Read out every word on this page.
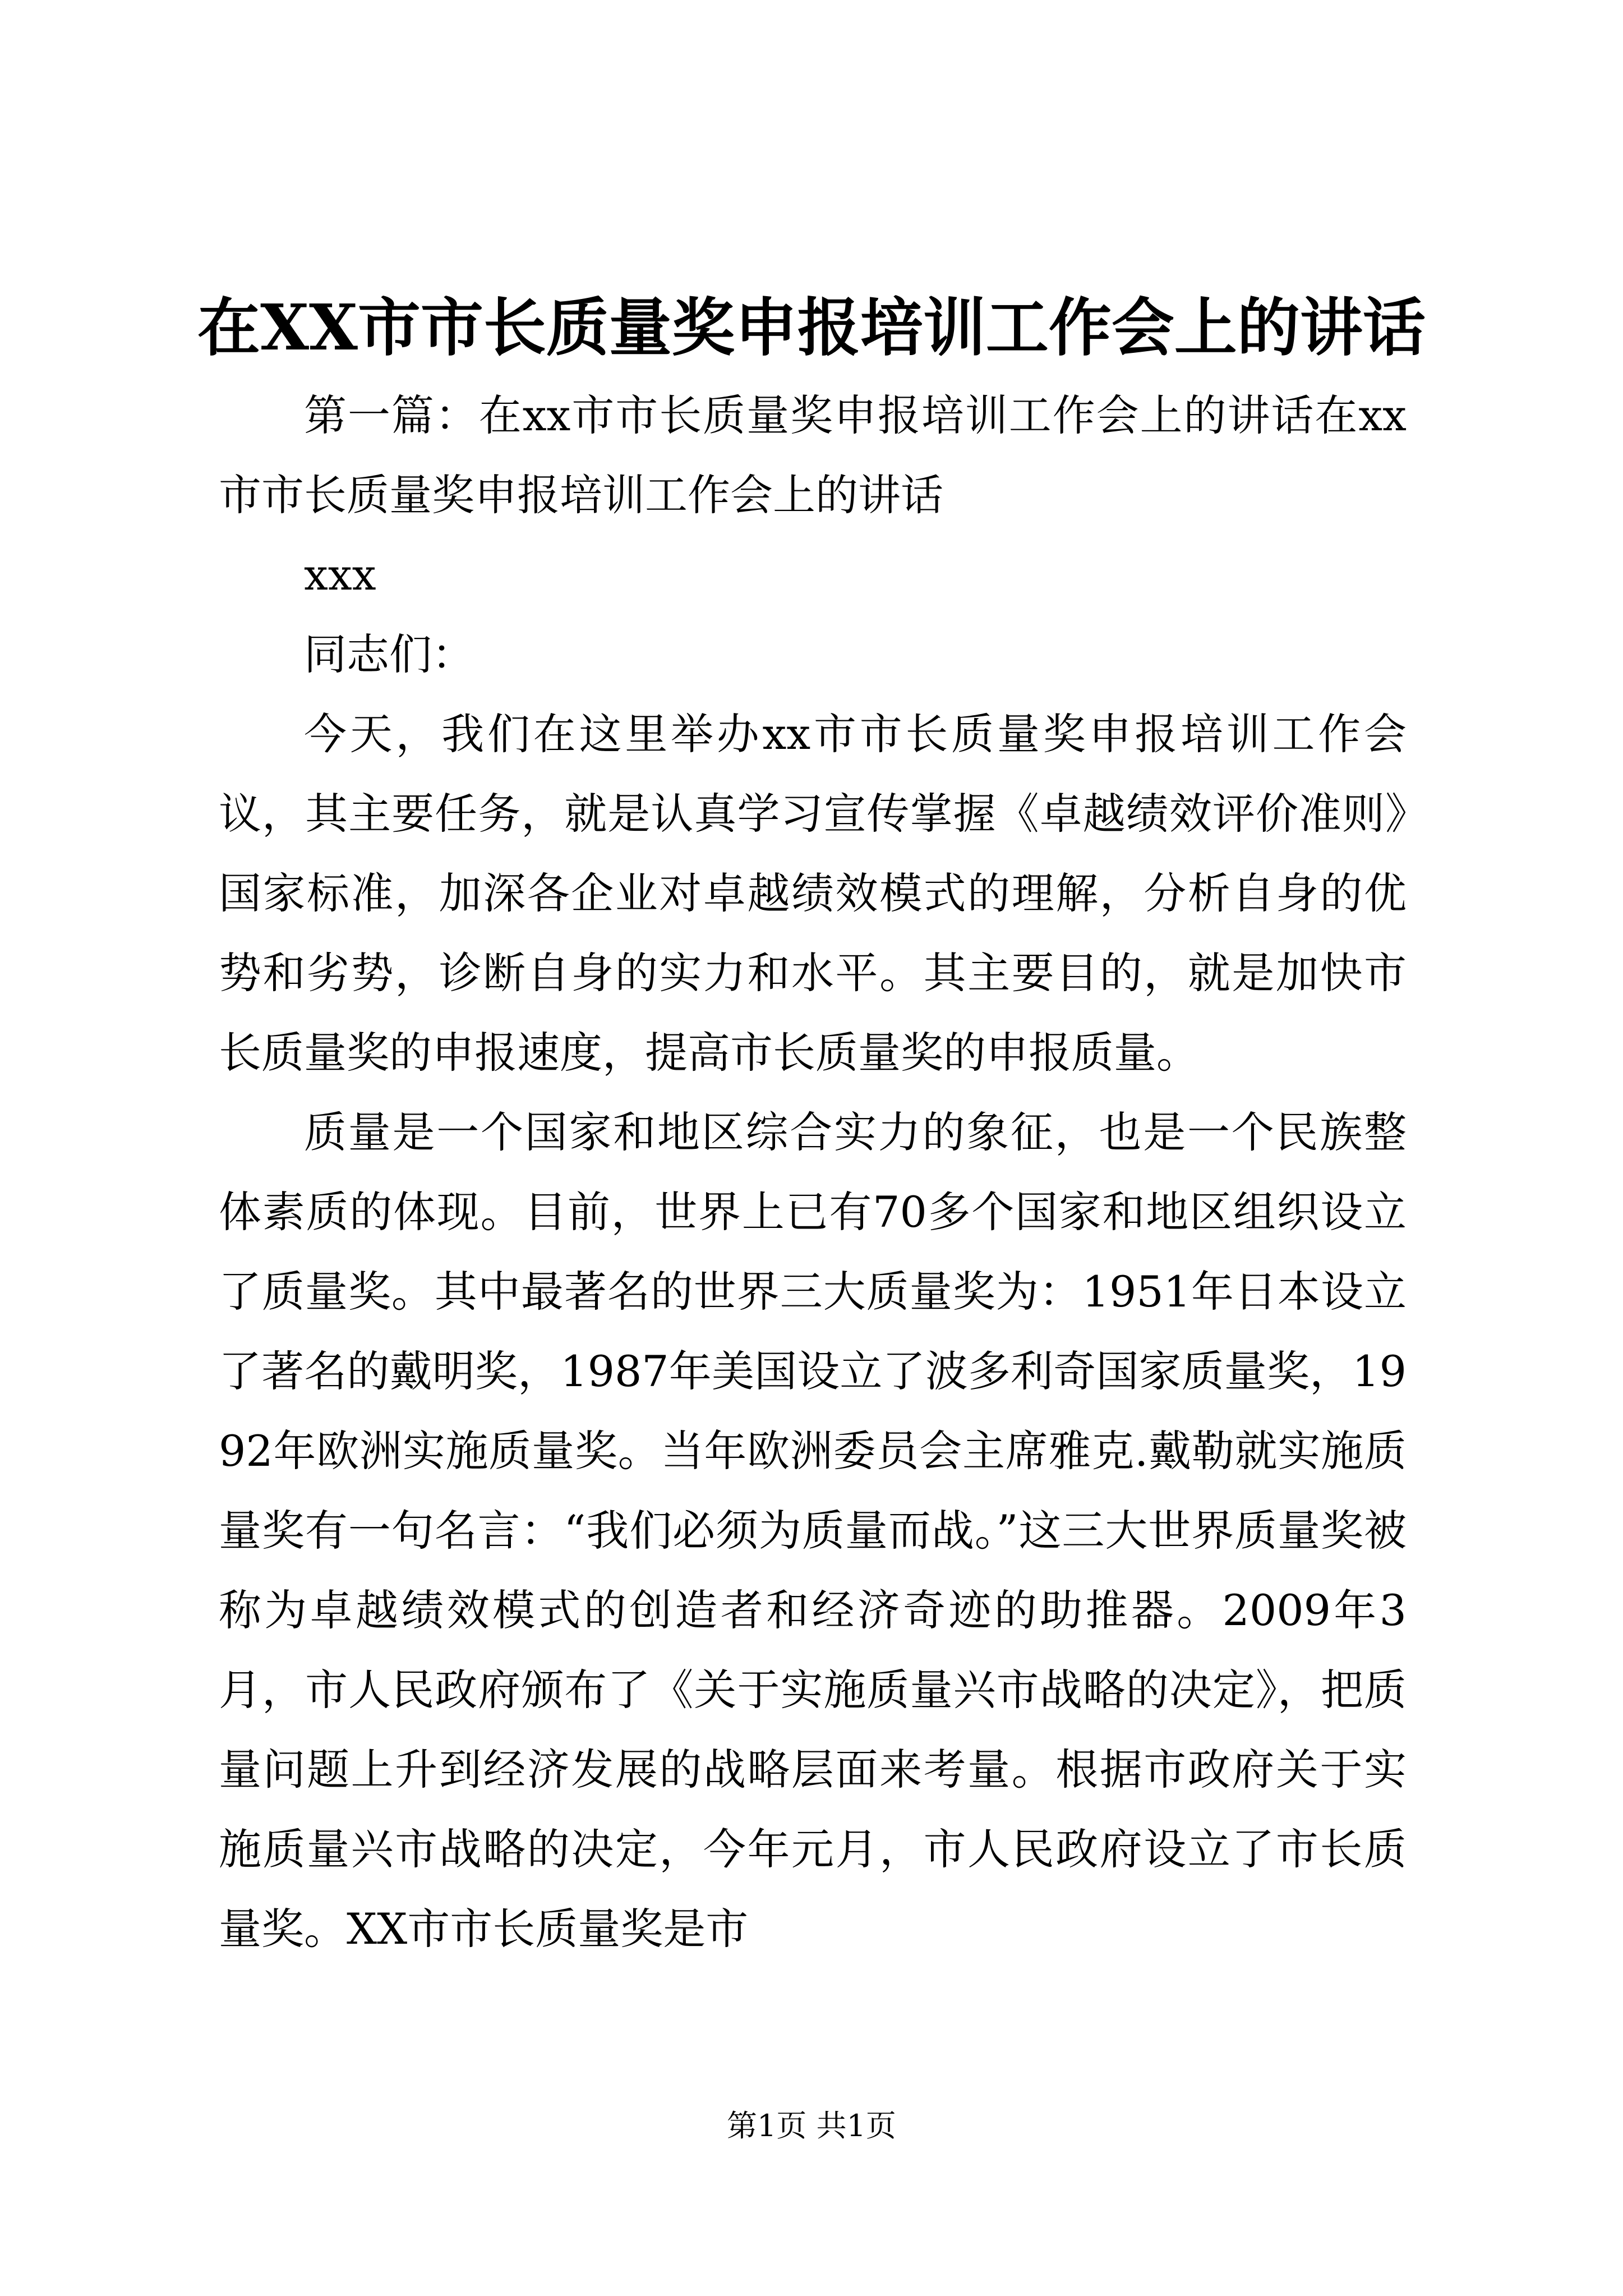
在XX市市长质量奖申报培训工作会上的讲话

第一篇：在xx市市长质量奖申报培训工作会上的讲话在xx市市长质量奖申报培训工作会上的讲话

xxx

同志们：

今天，我们在这里举办xx市市长质量奖申报培训工作会议，其主要任务，就是认真学习宣传掌握《卓越绩效评价准则》国家标准，加深各企业对卓越绩效模式的理解，分析自身的优势和劣势，诊断自身的实力和水平。其主要目的，就是加快市长质量奖的申报速度，提高市长质量奖的申报质量。

质量是一个国家和地区综合实力的象征，也是一个民族整体素质的体现。目前，世界上已有70多个国家和地区组织设立了质量奖。其中最著名的世界三大质量奖为：1951年日本设立了著名的戴明奖，1987年美国设立了波多利奇国家质量奖，1992年欧洲实施质量奖。当年欧洲委员会主席雅克.戴勒就实施质量奖有一句名言：“我们必须为质量而战。”这三大世界质量奖被称为卓越绩效模式的创造者和经济奇迹的助推器。2009年3月，市人民政府颁布了《关于实施质量兴市战略的决定》，把质量问题上升到经济发展的战略层面来考量。根据市政府关于实施质量兴市战略的决定，今年元月，市人民政府设立了市长质量奖。XX市市长质量奖是市

第1页 共1页
